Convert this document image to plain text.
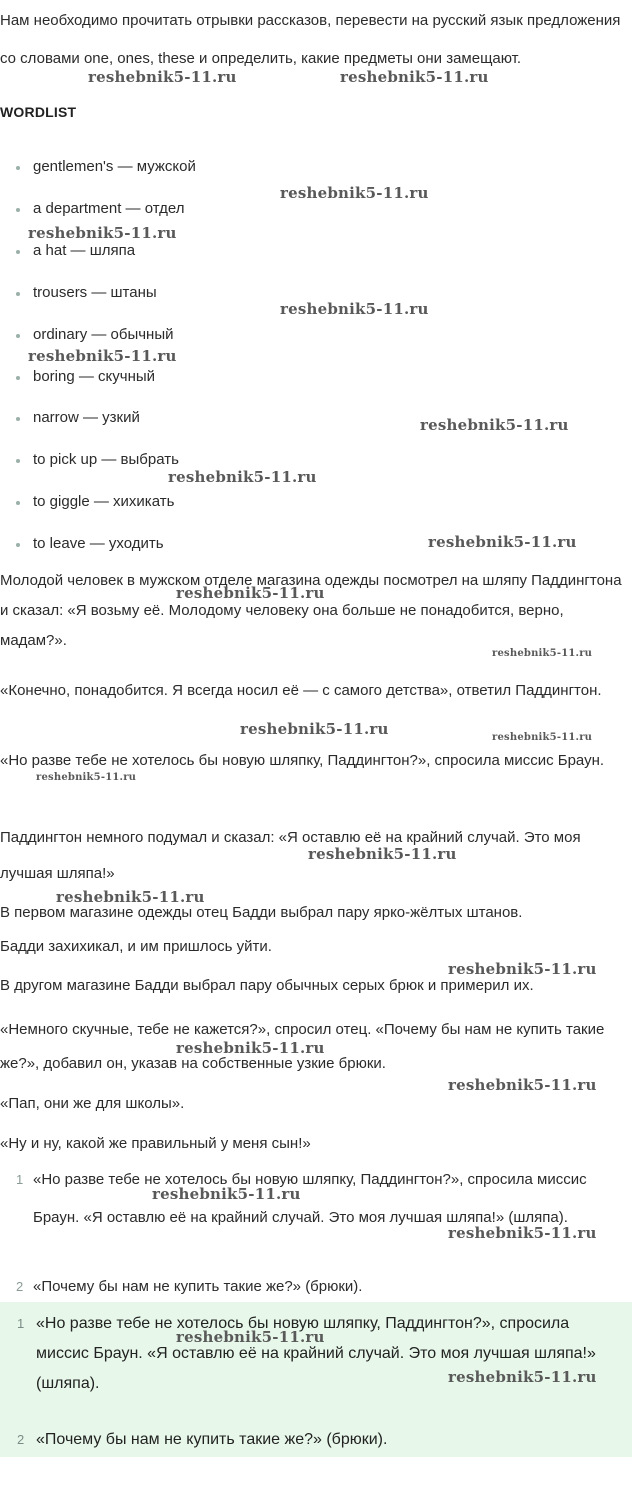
Нам необходимо прочитать отрывки рассказов, перевести на русский язык предложения со словами one, ones, these и определить, какие предметы они замещают.
WORDLIST
gentlemen's — мужской
a department — отдел
a hat — шляпа
trousers — штаны
ordinary — обычный
boring — скучный
narrow — узкий
to pick up — выбрать
to giggle — хихикать
to leave — уходить
Молодой человек в мужском отделе магазина одежды посмотрел на шляпу Паддингтона и сказал: «Я возьму её. Молодому человеку она больше не понадобится, верно, мадам?».
«Конечно, понадобится. Я всегда носил её — с самого детства», ответил Паддингтон.
«Но разве тебе не хотелось бы новую шляпку, Паддингтон?», спросила миссис Браун.
Паддингтон немного подумал и сказал: «Я оставлю её на крайний случай. Это моя лучшая шляпа!»
В первом магазине одежды отец Бадди выбрал пару ярко-жёлтых штанов.
Бадди захихикал, и им пришлось уйти.
В другом магазине Бадди выбрал пару обычных серых брюк и примерил их.
«Немного скучные, тебе не кажется?», спросил отец. «Почему бы нам не купить такие же?», добавил он, указав на собственные узкие брюки.
«Пап, они же для школы».
«Ну и ну, какой же правильный у меня сын!»
1 «Но разве тебе не хотелось бы новую шляпку, Паддингтон?», спросила миссис Браун. «Я оставлю её на крайний случай. Это моя лучшая шляпа!» (шляпа).
2 «Почему бы нам не купить такие же?» (брюки).
1 «Но разве тебе не хотелось бы новую шляпку, Паддингтон?», спросила миссис Браун. «Я оставлю её на крайний случай. Это моя лучшая шляпа!» (шляпа).
2 «Почему бы нам не купить такие же?» (брюки).
reshebnik5-11.ru	reshebnik5-11.ru
reshebnik5-11.ru
reshebnik5-11.ru
reshebnik5-11.ru
reshebnik5-11.ru
reshebnik5-11.ru
reshebnik5-11.ru
reshebnik5-11.ru
reshebnik5-11.ru
reshebnik5-11.ru
reshebnik5-11.ru	reshebnik5-11.ru
reshebnik5-11.ru
reshebnik5-11.ru
reshebnik5-11.ru
reshebnik5-11.ru
reshebnik5-11.ru
reshebnik5-11.ru
reshebnik5-11.ru
reshebnik5-11.ru
reshebnik5-11.ru
reshebnik5-11.ru
